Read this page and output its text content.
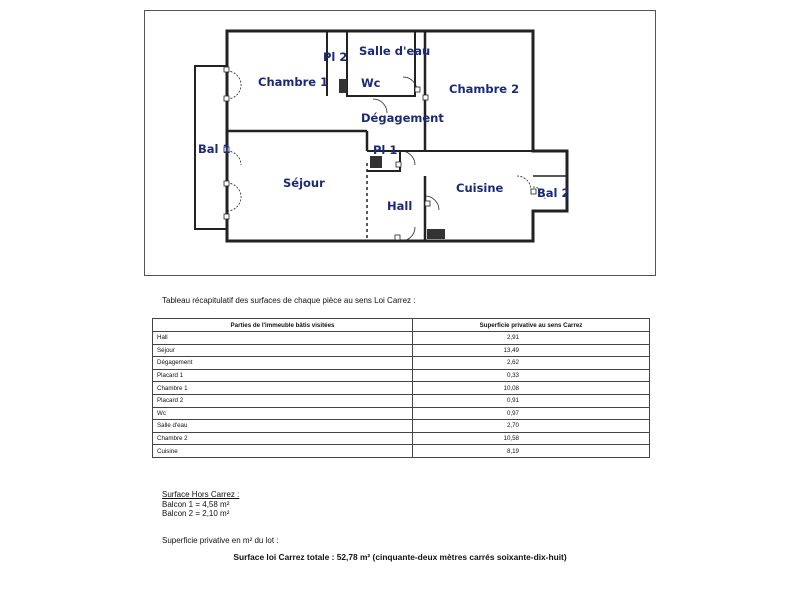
Chambre 1
Pl 2 Salle d'eau
Wc	Chambre 2
Dégagement
Bal 1	Pl 1
Séjour	Cuisine	Bal 2
Hall
Tableau récapitulatif des surfaces de chaque pièce au sens Loi Carrez :
Parties de l'immeuble bâtis visitées	Superficie privative au sens Carrez
Hall	2,91
Séjour	13,49
Dégagement	2,62
Placard 1	0,33
Chambre 1	10,08
Placard 2	0,91
Wc	0,97
Salle d'eau	2,70
Chambre 2	10,58
Cuisine	8,19
Surface Hors Carrez :
Balcon 1 = 4,58 m²
Balcon 2 = 2,10 m²
Superficie privative en m² du lot :
Surface loi Carrez totale : 52,78 m² (cinquante-deux mètres carrés soixante-dix-huit)
